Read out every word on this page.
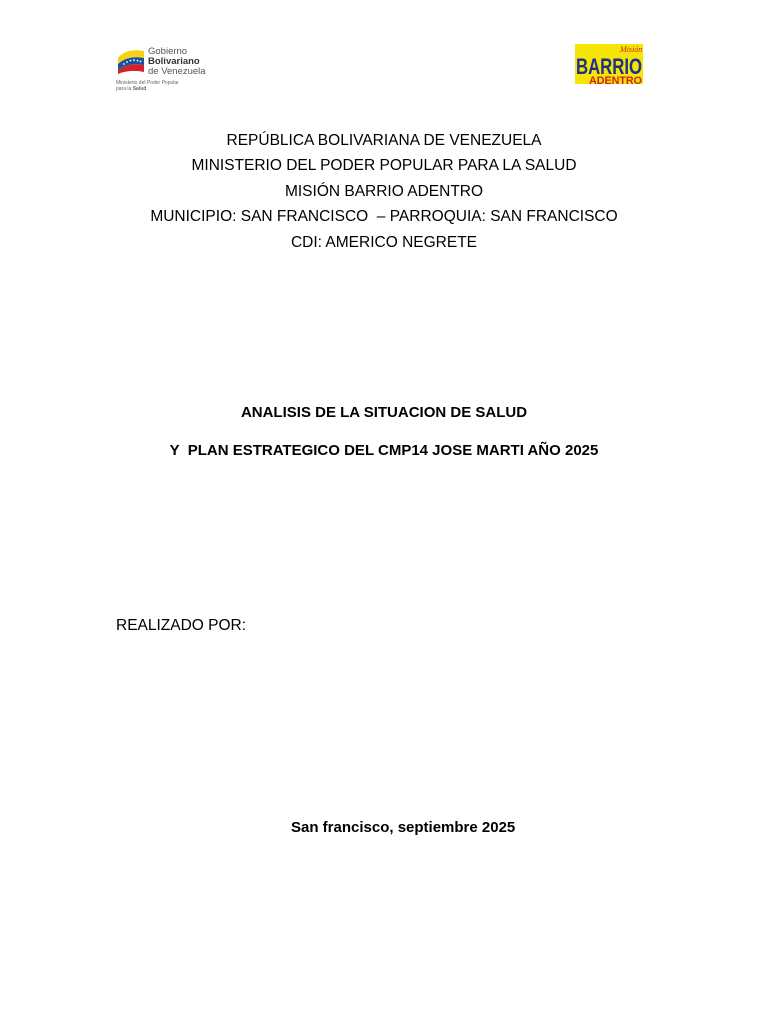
Gobierno
Bolivariano
de Venezuela
Ministerio del Poder Popular
para la Salud
Misión
BARRIO
ADENTRO
REPÚBLICA BOLIVARIANA DE VENEZUELA
MINISTERIO DEL PODER POPULAR PARA LA SALUD
MISIÓN BARRIO ADENTRO
MUNICIPIO: SAN FRANCISCO  – PARROQUIA: SAN FRANCISCO
CDI: AMERICO NEGRETE
ANALISIS DE LA SITUACION DE SALUD
Y  PLAN ESTRATEGICO DEL CMP14 JOSE MARTI AÑO 2025
REALIZADO POR:
San francisco, septiembre 2025
